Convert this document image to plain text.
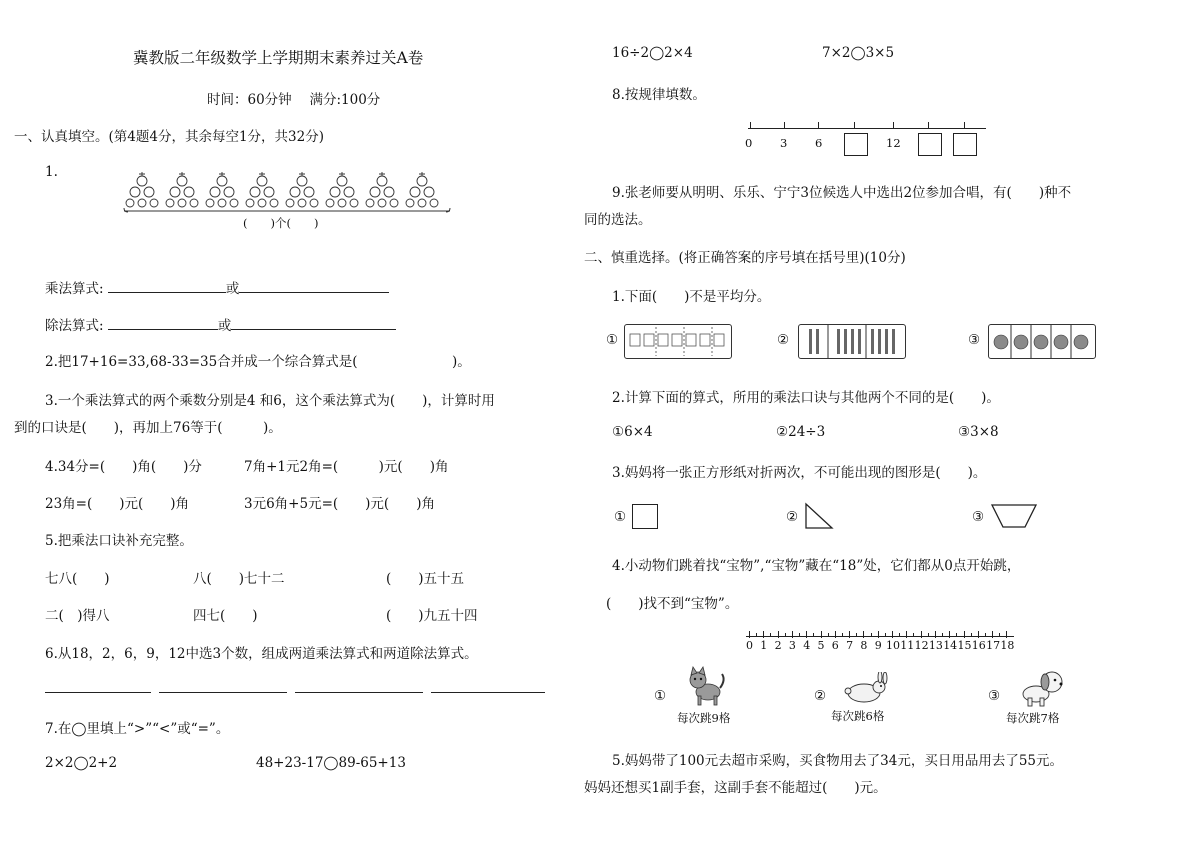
冀教版二年级数学上学期期末素养过关A卷
时间：60分钟　 满分:100分
一、认真填空。(第4题4分，其余每空1分，共32分)
1.
(　　)个(　　)
乘法算式:	或
除法算式:	或
2.把17+16=33,68-33=35合并成一个综合算式是(　　　　　　　)。
3.一个乘法算式的两个乘数分别是4 和6，这个乘法算式为(　　)，计算时用
到的口诀是(　　)，再加上76等于(　　　)。
4.34分=(　　)角(　　)分	7角+1元2角=(　　　)元(　　)角
23角=(　　)元(　　)角	3元6角+5元=(　　)元(　　)角
5.把乘法口诀补充完整。
七八(　　)	八(　　)七十二	(　　)五十五
二(　)得八	四七(　　)	(　　)九五十四
6.从18，2，6，9，12中选3个数，组成两道乘法算式和两道除法算式。
7.在◯里填上“>”“<”或“=”。
2×2◯2+2	48+23-17◯89-65+13
16÷2◯2×4	7×2◯3×5
8.按规律填数。
0 3 6	12
9.张老师要从明明、乐乐、宁宁3位候选人中选出2位参加合唱，有(　　)种不
同的选法。
二、慎重选择。(将正确答案的序号填在括号里)(10分)
1.下面(　　)不是平均分。
①	②	③
2.计算下面的算式，所用的乘法口诀与其他两个不同的是(　　)。
①6×4	②24÷3	③3×8
3.妈妈将一张正方形纸对折两次，不可能出现的图形是(　　)。
①	②	③
4.小动物们跳着找“宝物”,“宝物”藏在“18”处，它们都从0点开始跳，
(　　)找不到“宝物”。
0 1 2 3 4 5 6 7 8 9 10 11 12 13 14 15 16 17 18
①
每次跳9格
②
每次跳6格
③
每次跳7格
5.妈妈带了100元去超市采购，买食物用去了34元，买日用品用去了55元。
妈妈还想买1副手套，这副手套不能超过(　　)元。
